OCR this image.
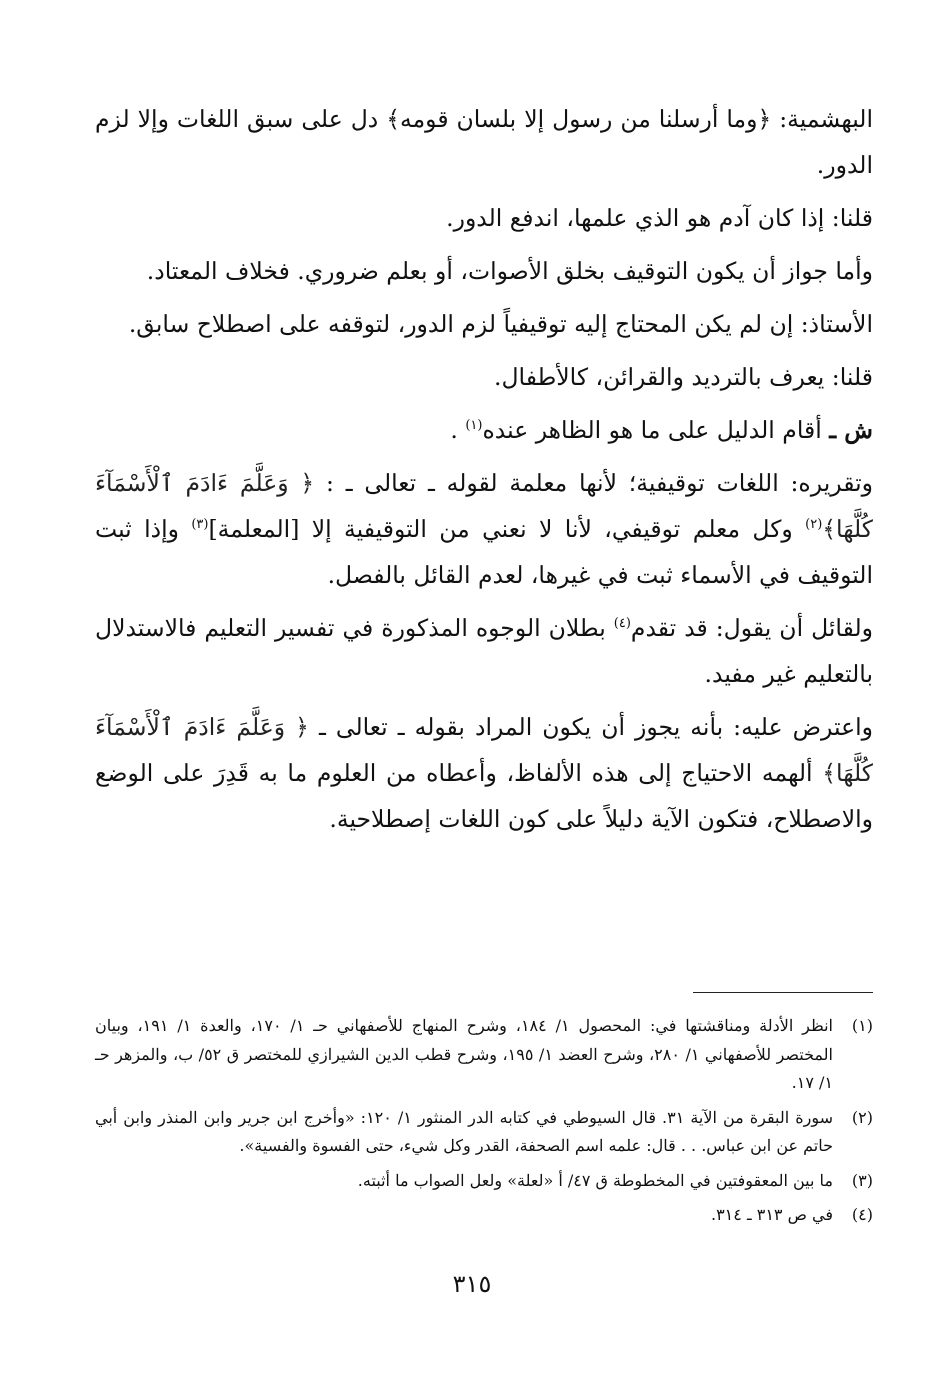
البهشمية: ﴿وما أرسلنا من رسول إلا بلسان قومه﴾ دل على سبق اللغات وإلا لزم الدور.

قلنا: إذا كان آدم هو الذي علمها، اندفع الدور.

وأما جواز أن يكون التوقيف بخلق الأصوات، أو بعلم ضروري. فخلاف المعتاد.

الأستاذ: إن لم يكن المحتاج إليه توقيفياً لزم الدور، لتوقفه على اصطلاح سابق.

قلنا: يعرف بالترديد والقرائن، كالأطفال.

ش ـ أقام الدليل على ما هو الظاهر عنده$^{(١)}$ .

وتقريره: اللغات توقيفية؛ لأنها معلمة لقوله ـ تعالى ـ : ﴿ وَعَلَّمَ ءَادَمَ ٱلْأَسْمَآءَ كُلَّهَا﴾$^{(٢)}$ وكل معلم توقيفي، لأنا لا نعني من التوقيفية إلا [المعلمة]$^{(٣)}$ وإذا ثبت التوقيف في الأسماء ثبت في غيرها، لعدم القائل بالفصل.

ولقائل أن يقول: قد تقدم$^{(٤)}$ بطلان الوجوه المذكورة في تفسير التعليم فالاستدلال بالتعليم غير مفيد.

واعترض عليه: بأنه يجوز أن يكون المراد بقوله ـ تعالى ـ ﴿ وَعَلَّمَ ءَادَمَ ٱلْأَسْمَآءَ كُلَّهَا﴾ ألهمه الاحتياج إلى هذه الألفاظ، وأعطاه من العلوم ما به قَدِرَ على الوضع والاصطلاح، فتكون الآية دليلاً على كون اللغات إصطلاحية.

(١)
انظر الأدلة ومناقشتها في: المحصول ١/ ١٨٤، وشرح المنهاج للأصفهاني حـ ١/ ١٧٠، والعدة ١/ ١٩١، وبيان المختصر للأصفهاني ١/ ٢٨٠، وشرح العضد ١/ ١٩٥، وشرح قطب الدين الشيرازي للمختصر ق ٥٢/ ب، والمزهر حـ ١/ ١٧.
(٢)
سورة البقرة من الآية ٣١. قال السيوطي في كتابه الدر المنثور ١/ ١٢٠: «وأخرج ابن جرير وابن المنذر وابن أبي حاتم عن ابن عباس. . . قال: علمه اسم الصحفة، القدر وكل شيء، حتى الفسوة والفسية».
(٣)
ما بين المعقوفتين في المخطوطة ق ٤٧/ أ «لعلة» ولعل الصواب ما أثبته.
(٤)
في ص ٣١٣ ـ ٣١٤.
٣١٥
